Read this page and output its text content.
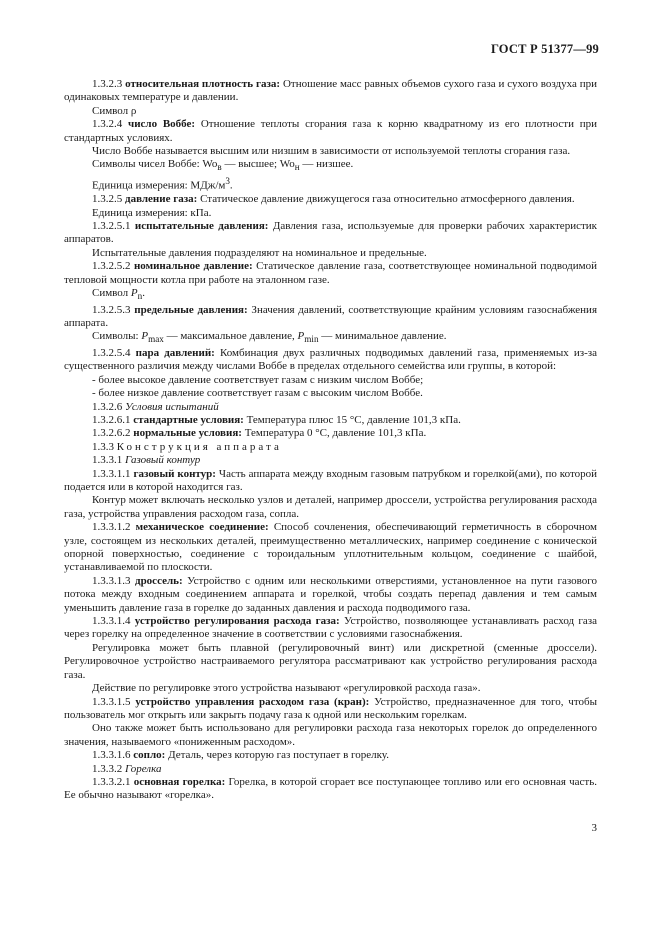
ГОСТ Р 51377—99

1.3.2.3 относительная плотность газа: Отношение масс равных объемов сухого газа и сухого воздуха при одинаковых температуре и давлении.

Символ ρ

1.3.2.4 число Воббе: Отношение теплоты сгорания газа к корню квадратному из его плотности при стандартных условиях.

Число Воббе называется высшим или низшим в зависимости от используемой теплоты сгорания газа.

Символы чисел Воббе: $Wo_в$ — высшее; $Wo_н$ — низшее.

Единица измерения: МДж/$м^3$.

1.3.2.5 давление газа: Статическое давление движущегося газа относительно атмосферного давления.

Единица измерения: кПа.

1.3.2.5.1 испытательные давления: Давления газа, используемые для проверки рабочих характеристик аппаратов.

Испытательные давления подразделяют на номинальное и предельные.

1.3.2.5.2 номинальное давление: Статическое давление газа, соответствующее номинальной подводимой тепловой мощности котла при работе на эталонном газе.

Символ $P_n$.

1.3.2.5.3 предельные давления: Значения давлений, соответствующие крайним условиям газоснабжения аппарата.

Символы: $P_{max}$ — максимальное давление, $P_{min}$ — минимальное давление.

1.3.2.5.4 пара давлений: Комбинация двух различных подводимых давлений газа, применяемых из-за существенного различия между числами Воббе в пределах отдельного семейства или группы, в которой:

- более высокое давление соответствует газам с низким числом Воббе;

- более низкое давление соответствует газам с высоким числом Воббе.

1.3.2.6 Условия испытаний

1.3.2.6.1 стандартные условия: Температура плюс 15 °С, давление 101,3 кПа.

1.3.2.6.2 нормальные условия: Температура 0 °С, давление 101,3 кПа.

1.3.3 Конструкция аппарата

1.3.3.1 Газовый контур

1.3.3.1.1 газовый контур: Часть аппарата между входным газовым патрубком и горелкой(ами), по которой подается или в которой находится газ.

Контур может включать несколько узлов и деталей, например дроссели, устройства регулирования расхода газа, устройства управления расходом газа, сопла.

1.3.3.1.2 механическое соединение: Способ сочленения, обеспечивающий герметичность в сборочном узле, состоящем из нескольких деталей, преимущественно металлических, например соединение с конической опорной поверхностью, соединение с тороидальным уплотнительным кольцом, соединение с шайбой, устанавливаемой по плоскости.

1.3.3.1.3 дроссель: Устройство с одним или несколькими отверстиями, установленное на пути газового потока между входным соединением аппарата и горелкой, чтобы создать перепад давления и тем самым уменьшить давление газа в горелке до заданных давления и расхода подводимого газа.

1.3.3.1.4 устройство регулирования расхода газа: Устройство, позволяющее устанавливать расход газа через горелку на определенное значение в соответствии с условиями газоснабжения.

Регулировка может быть плавной (регулировочный винт) или дискретной (сменные дроссели). Регулировочное устройство настраиваемого регулятора рассматривают как устройство регулирования расхода газа.

Действие по регулировке этого устройства называют «регулировкой расхода газа».

1.3.3.1.5 устройство управления расходом газа (кран): Устройство, предназначенное для того, чтобы пользователь мог открыть или закрыть подачу газа к одной или нескольким горелкам.

Оно также может быть использовано для регулировки расхода газа некоторых горелок до определенного значения, называемого «пониженным расходом».

1.3.3.1.6 сопло: Деталь, через которую газ поступает в горелку.

1.3.3.2 Горелка

1.3.3.2.1 основная горелка: Горелка, в которой сгорает все поступающее топливо или его основная часть. Ее обычно называют «горелка».

3
